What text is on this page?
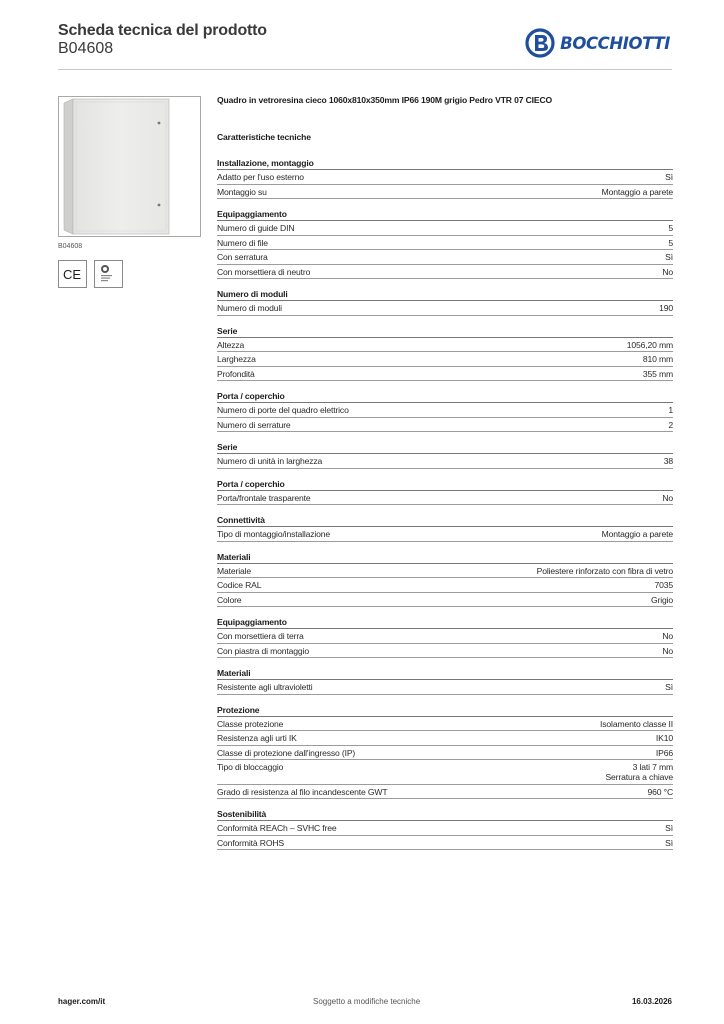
Scheda tecnica del prodotto
B04608	BOCCHIOTTI
B04608
CE
Quadro in vetroresina cieco 1060x810x350mm IP66 190M grigio Pedro VTR 07 CIECO
Caratteristiche tecniche
Installazione, montaggio
Adatto per l'uso esterno	Sì
Montaggio su	Montaggio a parete
Equipaggiamento
Numero di guide DIN	5
Numero di file	5
Con serratura	Sì
Con morsettiera di neutro	No
Numero di moduli
Numero di moduli	190
Serie
Altezza	1056,20 mm
Larghezza	810 mm
Profondità	355 mm
Porta / coperchio
Numero di porte del quadro elettrico	1
Numero di serrature	2
Serie
Numero di unità in larghezza	38
Porta / coperchio
Porta/frontale trasparente	No
Connettività
Tipo di montaggio/installazione	Montaggio a parete
Materiali
Materiale	Poliestere rinforzato con fibra di vetro
Codice RAL	7035
Colore	Grigio
Equipaggiamento
Con morsettiera di terra	No
Con piastra di montaggio	No
Materiali
Resistente agli ultravioletti	Sì
Protezione
Classe protezione	Isolamento classe II
Resistenza agli urti IK	IK10
Classe di protezione dall'ingresso (IP)	IP66
Tipo di bloccaggio	3 lati 7 mm
Serratura a chiave
Grado di resistenza al filo incandescente GWT	960 °C
Sostenibilità
Conformità REACh – SVHC free	Sì
Conformità ROHS	Sì
hager.com/it	Soggetto a modifiche tecniche	16.03.2026
